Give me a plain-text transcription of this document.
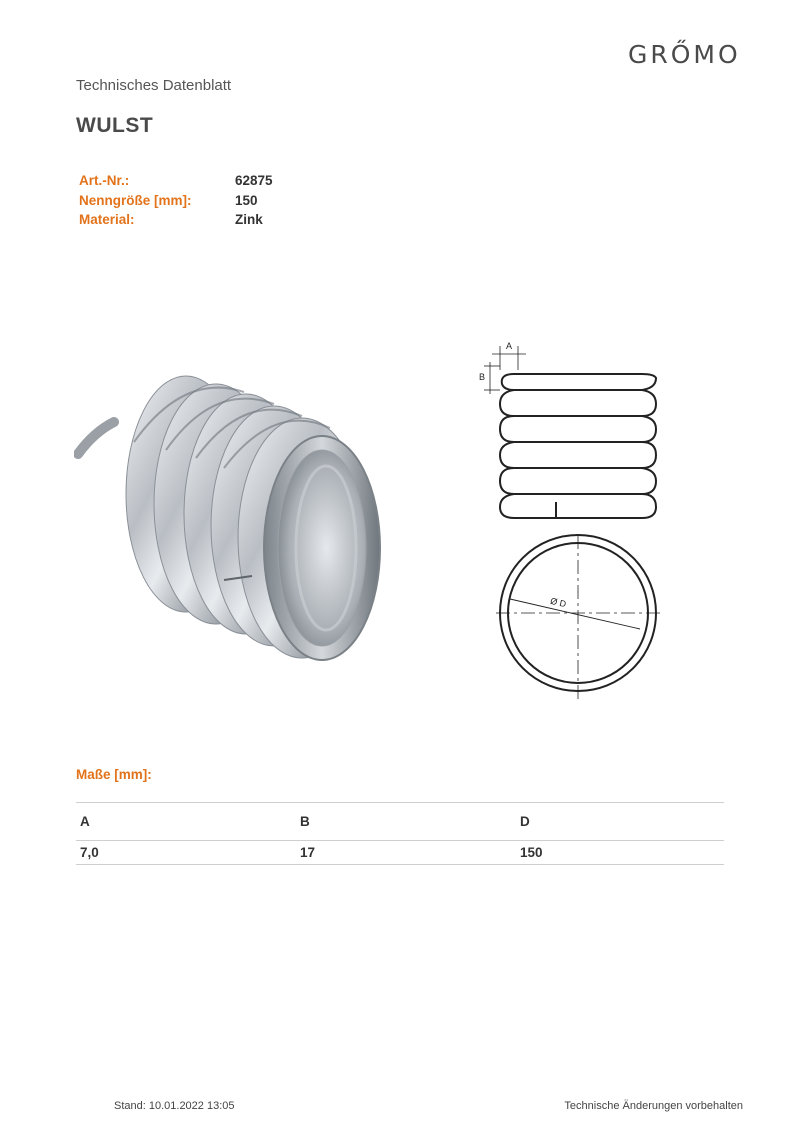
GRŐMO
Technisches Datenblatt
WULST
Art.-Nr.:	62875
Nenngröße [mm]:	150
Material:	Zink
A
B
Ø D
Maße [mm]:
A	B	D
7,0	17	150
Stand: 10.01.2022 13:05	Technische Änderungen vorbehalten
